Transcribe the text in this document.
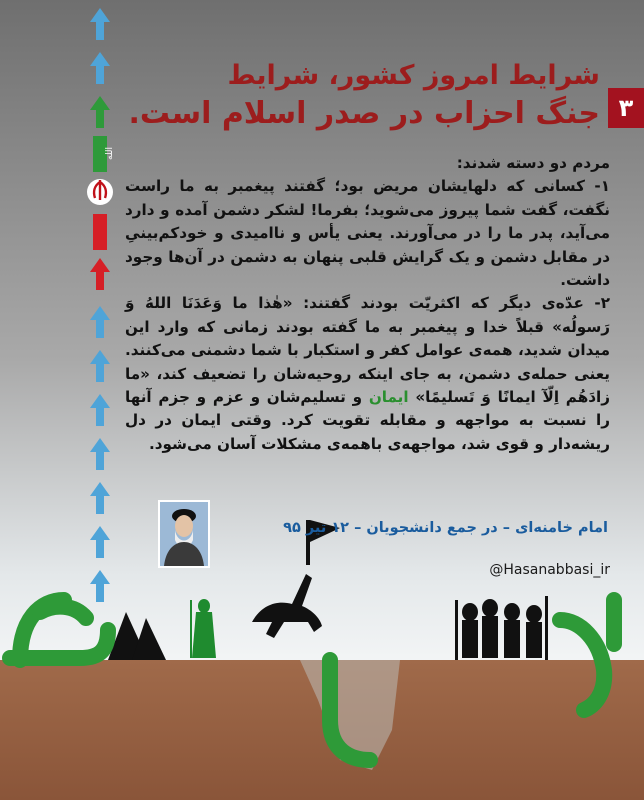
الله
۳
شرایط امروز کشور، شرایط
جنگ احزاب در صدر اسلام است.

مردم دو دسته شدند:

۱- کسانی که دلهایشان مریض بود؛ گفتند پیغمبر به ما راست نگفت، گفت شما پیروز می‌شوید؛ بفرما! لشکر دشمن آمده و دارد می‌آید، پدر ما را در می‌آورند. یعنی یأس و ناامیدی و خودکم‌بینیِ در مقابل دشمن و یک گرایش قلبی پنهان به دشمن در آن‌ها وجود داشت.

۲- عدّه‌ی دیگر که اکثریّت بودند گفتند: «هٰذا ما وَعَدَنَا اللهُ وَ رَسولُه» قبلاً خدا و پیغمبر به ما گفته بودند زمانی که وارد این میدان شدید، همه‌ی عوامل کفر و استکبار با شما دشمنی می‌کنند. یعنی حمله‌ی دشمن، به جای اینکه روحیه‌شان را تضعیف کند، «ما زادَهُم اِلّآ ایمانًا وَ تَسلیمًا» ایمان و تسلیم‌شان و عزم و جزم آنها را نسبت به مواجهه و مقابله تقویت کرد. وقتی ایمان در دل ریشه‌دار و قوی شد، مواجهه‌ی باهمه‌ی مشکلات آسان می‌شود.

امام خامنه‌ای – در جمع دانشجویان – ۱۲ تیر ۹۵
@Hasanabbasi_ir
